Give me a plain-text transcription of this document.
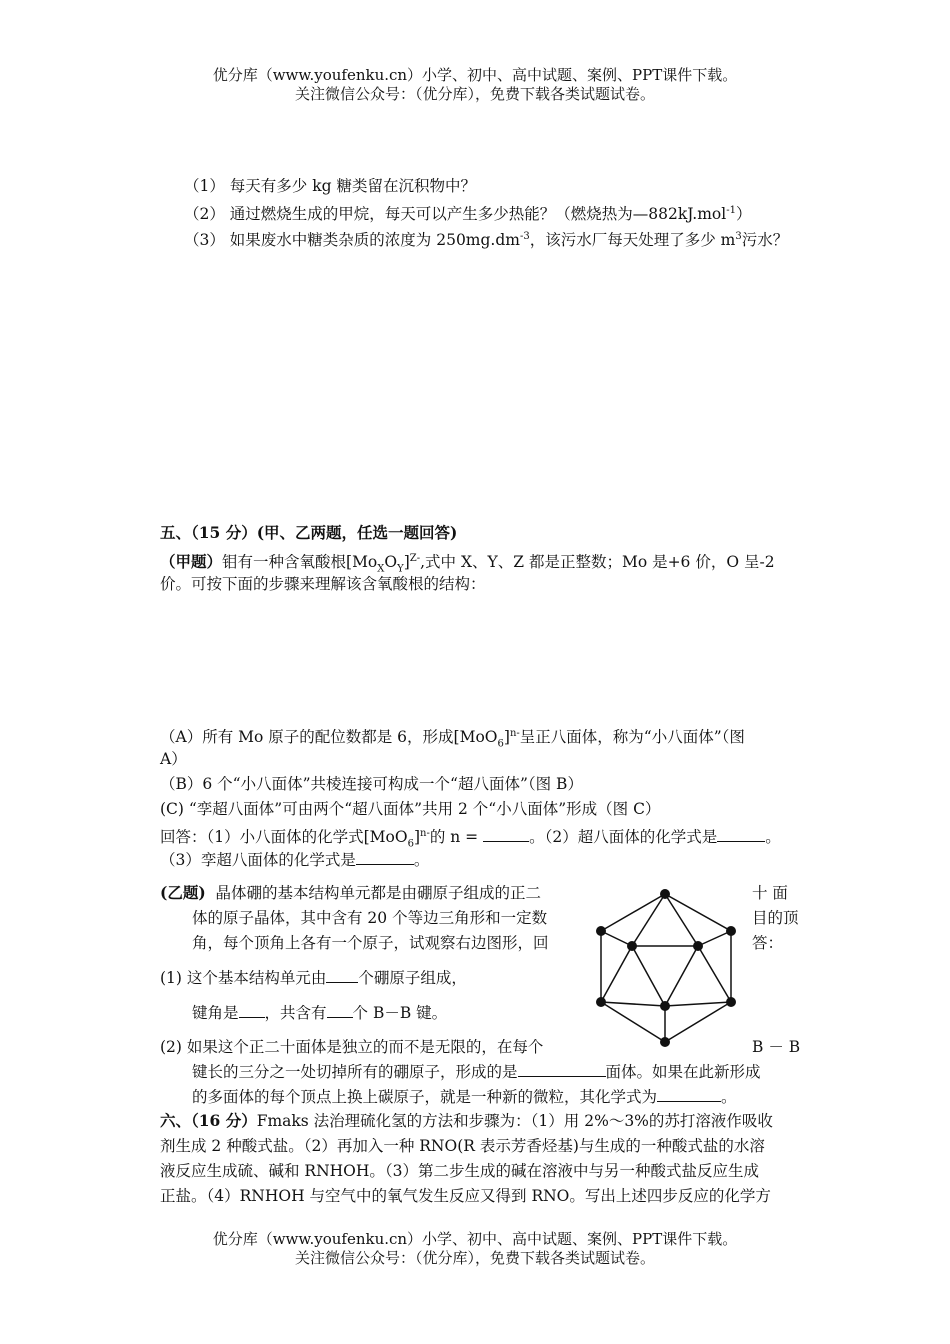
优分库（www.youfenku.cn）小学、初中、高中试题、案例、PPT课件下载。
关注微信公众号：（优分库），免费下载各类试题试卷。
（1） 每天有多少 kg 糖类留在沉积物中？
（2） 通过燃烧生成的甲烷，每天可以产生多少热能？（燃烧热为—882kJ.mol$^{-1}$）
（3） 如果废水中糖类杂质的浓度为 $250mg.dm^{-3}$，该污水厂每天处理了多少 $m^3$污水？
五、（15 分）(甲、乙两题，任选一题回答)
（甲题）钼有一种含氧酸根$[Mo_XO_Y]^{Z-}$,式中 X、Y、Z 都是正整数；Mo 是+6 价，O 呈-2
价。可按下面的步骤来理解该含氧酸根的结构：
（A）所有 Mo 原子的配位数都是 6，形成$[MoO_6]^{n-}$呈正八面体，称为“小八面体”（图
A）
（B）6 个“小八面体”共棱连接可构成一个“超八面体”（图 B）
(C) “孪超八面体”可由两个“超八面体”共用 2 个“小八面体”形成（图 C）
回答：（1）小八面体的化学式$[MoO_6]^{n-}$的 n =	。（2）超八面体的化学式是	。
（3）孪超八面体的化学式是	。
(乙题) 晶体硼的基本结构单元都是由硼原子组成的正二	十 面
体的原子晶体，其中含有 20 个等边三角形和一定数	目的顶
角，每个顶角上各有一个原子，试观察右边图形，回	答：
(1) 这个基本结构单元由 个硼原子组成，
键角是 ，共含有 个 B－B 键。
(2) 如果这个正二十面体是独立的而不是无限的，在每个	B － B
键长的三分之一处切掉所有的硼原子，形成的是	面体。如果在此新形成
的多面体的每个顶点上换上碳原子，就是一种新的微粒，其化学式为	。
六、（16 分）Fmaks 法治理硫化氢的方法和步骤为：（1）用 2%～3%的苏打溶液作吸收
剂生成 2 种酸式盐。（2）再加入一种 RNO(R 表示芳香烃基)与生成的一种酸式盐的水溶
液反应生成硫、碱和 RNHOH。（3）第二步生成的碱在溶液中与另一种酸式盐反应生成
正盐。（4）RNHOH 与空气中的氧气发生反应又得到 RNO。写出上述四步反应的化学方
优分库（www.youfenku.cn）小学、初中、高中试题、案例、PPT课件下载。
关注微信公众号：（优分库），免费下载各类试题试卷。
